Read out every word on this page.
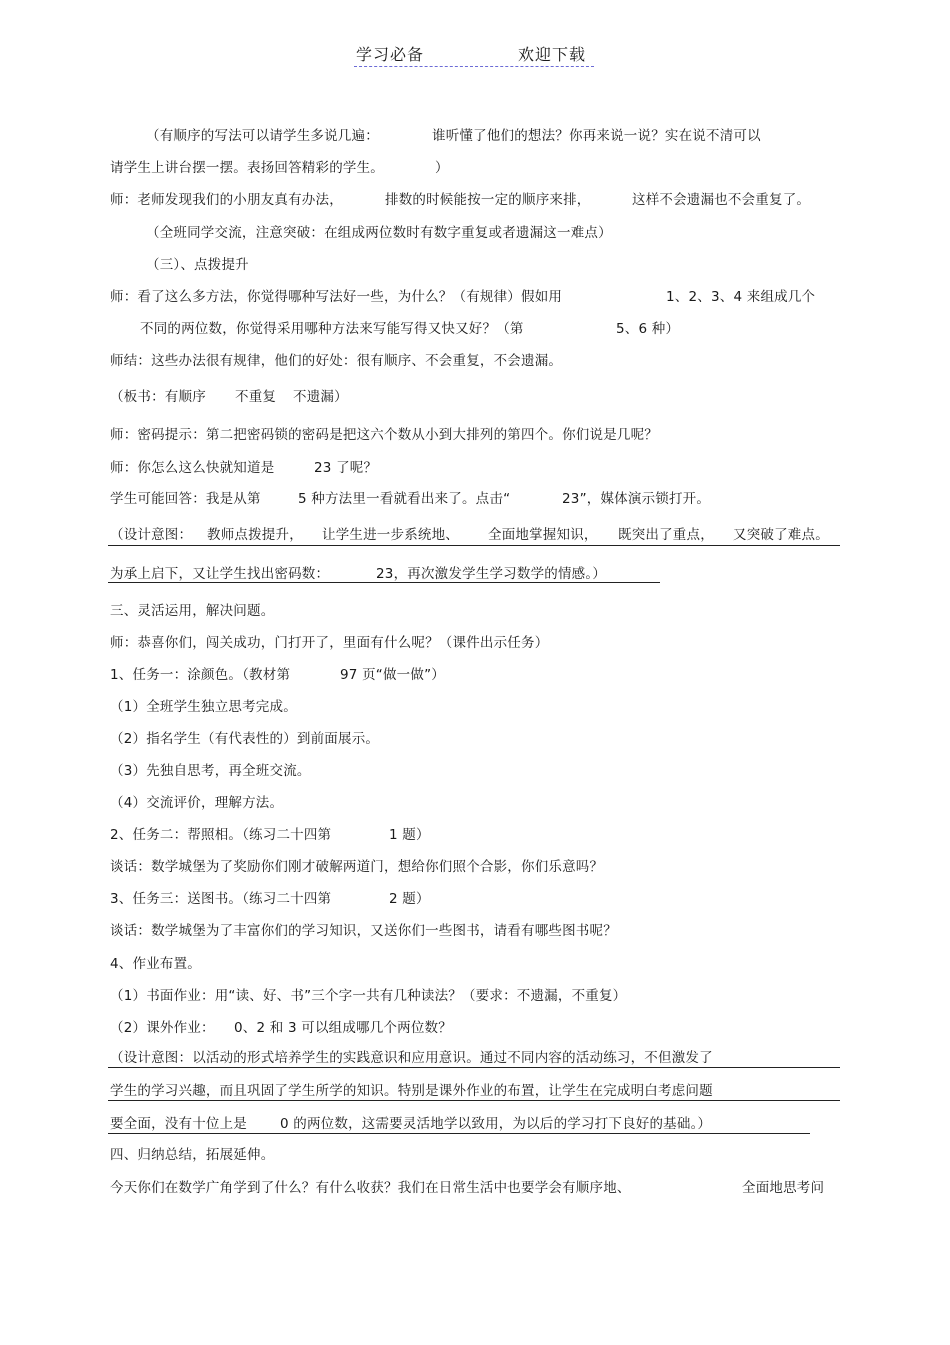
学习必备	欢迎下载
（有顺序的写法可以请学生多说几遍：	谁听懂了他们的想法？你再来说一说？实在说不清可以
请学生上讲台摆一摆。表扬回答精彩的学生。	）
师：老师发现我们的小朋友真有办法，	排数的时候能按一定的顺序来排，	这样不会遗漏也不会重复了。
（全班同学交流，注意突破：在组成两位数时有数字重复或者遗漏这一难点）
（三）、点拨提升
师：看了这么多方法，你觉得哪种写法好一些，为什么？（有规律）假如用	1、2、3、4 来组成几个
不同的两位数，你觉得采用哪种方法来写能写得又快又好？（第	5、6 种）
师结：这些办法很有规律，他们的好处：很有顺序、不会重复，不会遗漏。
（板书：有顺序 不重复 不遗漏）
师：密码提示：第二把密码锁的密码是把这六个数从小到大排列的第四个。你们说是几呢？
师：你怎么这么快就知道是	23 了呢？
学生可能回答：我是从第	5 种方法里一看就看出来了。点击“	23”，媒体演示锁打开。
（设计意图： 教师点拨提升， 让学生进一步系统地、 全面地掌握知识， 既突出了重点， 又突破了难点。
为承上启下，又让学生找出密码数：	23，再次激发学生学习数学的情感。）
三、灵活运用，解决问题。
师：恭喜你们，闯关成功，门打开了，里面有什么呢？（课件出示任务）
1、任务一：涂颜色。（教材第	97 页“做一做”）
（1）全班学生独立思考完成。
（2）指名学生（有代表性的）到前面展示。
（3）先独自思考，再全班交流。
（4）交流评价，理解方法。
2、任务二：帮照相。（练习二十四第	1 题）
谈话：数学城堡为了奖励你们刚才破解两道门，想给你们照个合影，你们乐意吗？
3、任务三：送图书。（练习二十四第	2 题）
谈话：数学城堡为了丰富你们的学习知识，又送你们一些图书，请看有哪些图书呢？
4、作业布置。
（1）书面作业：用“读、好、书”三个字一共有几种读法？（要求：不遗漏，不重复）
（2）课外作业： 0、2 和 3 可以组成哪几个两位数？
（设计意图：以活动的形式培养学生的实践意识和应用意识。通过不同内容的活动练习，不但激发了
学生的学习兴趣，而且巩固了学生所学的知识。特别是课外作业的布置，让学生在完成明白考虑问题
要全面，没有十位上是 0 的两位数，这需要灵活地学以致用，为以后的学习打下良好的基础。）
四、归纳总结，拓展延伸。
今天你们在数学广角学到了什么？有什么收获？我们在日常生活中也要学会有顺序地、	全面地思考问
